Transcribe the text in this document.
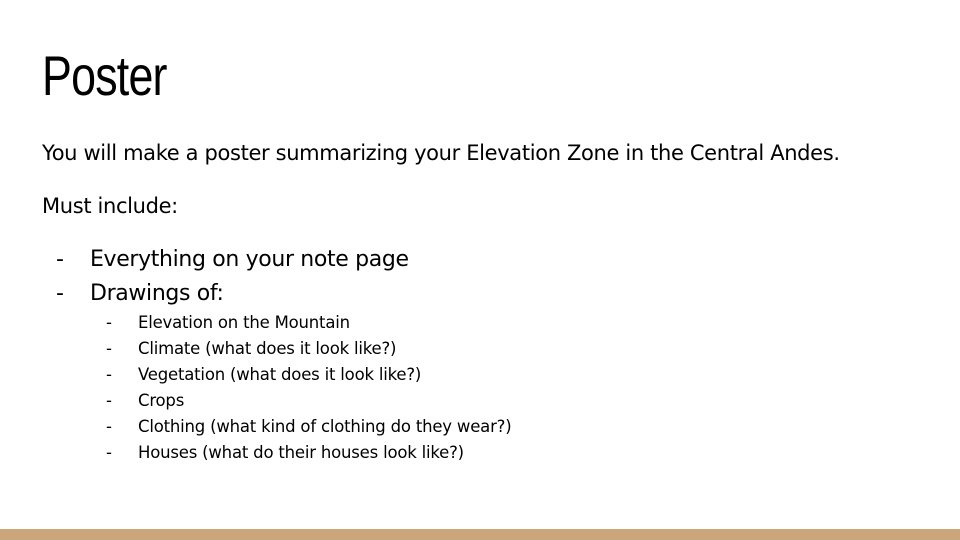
Poster

You will make a poster summarizing your Elevation Zone in the Central Andes.

Must include:

- Everything on your note page
- Drawings of:
- Elevation on the Mountain
- Climate (what does it look like?)
- Vegetation (what does it look like?)
- Crops
- Clothing (what kind of clothing do they wear?)
- Houses (what do their houses look like?)
